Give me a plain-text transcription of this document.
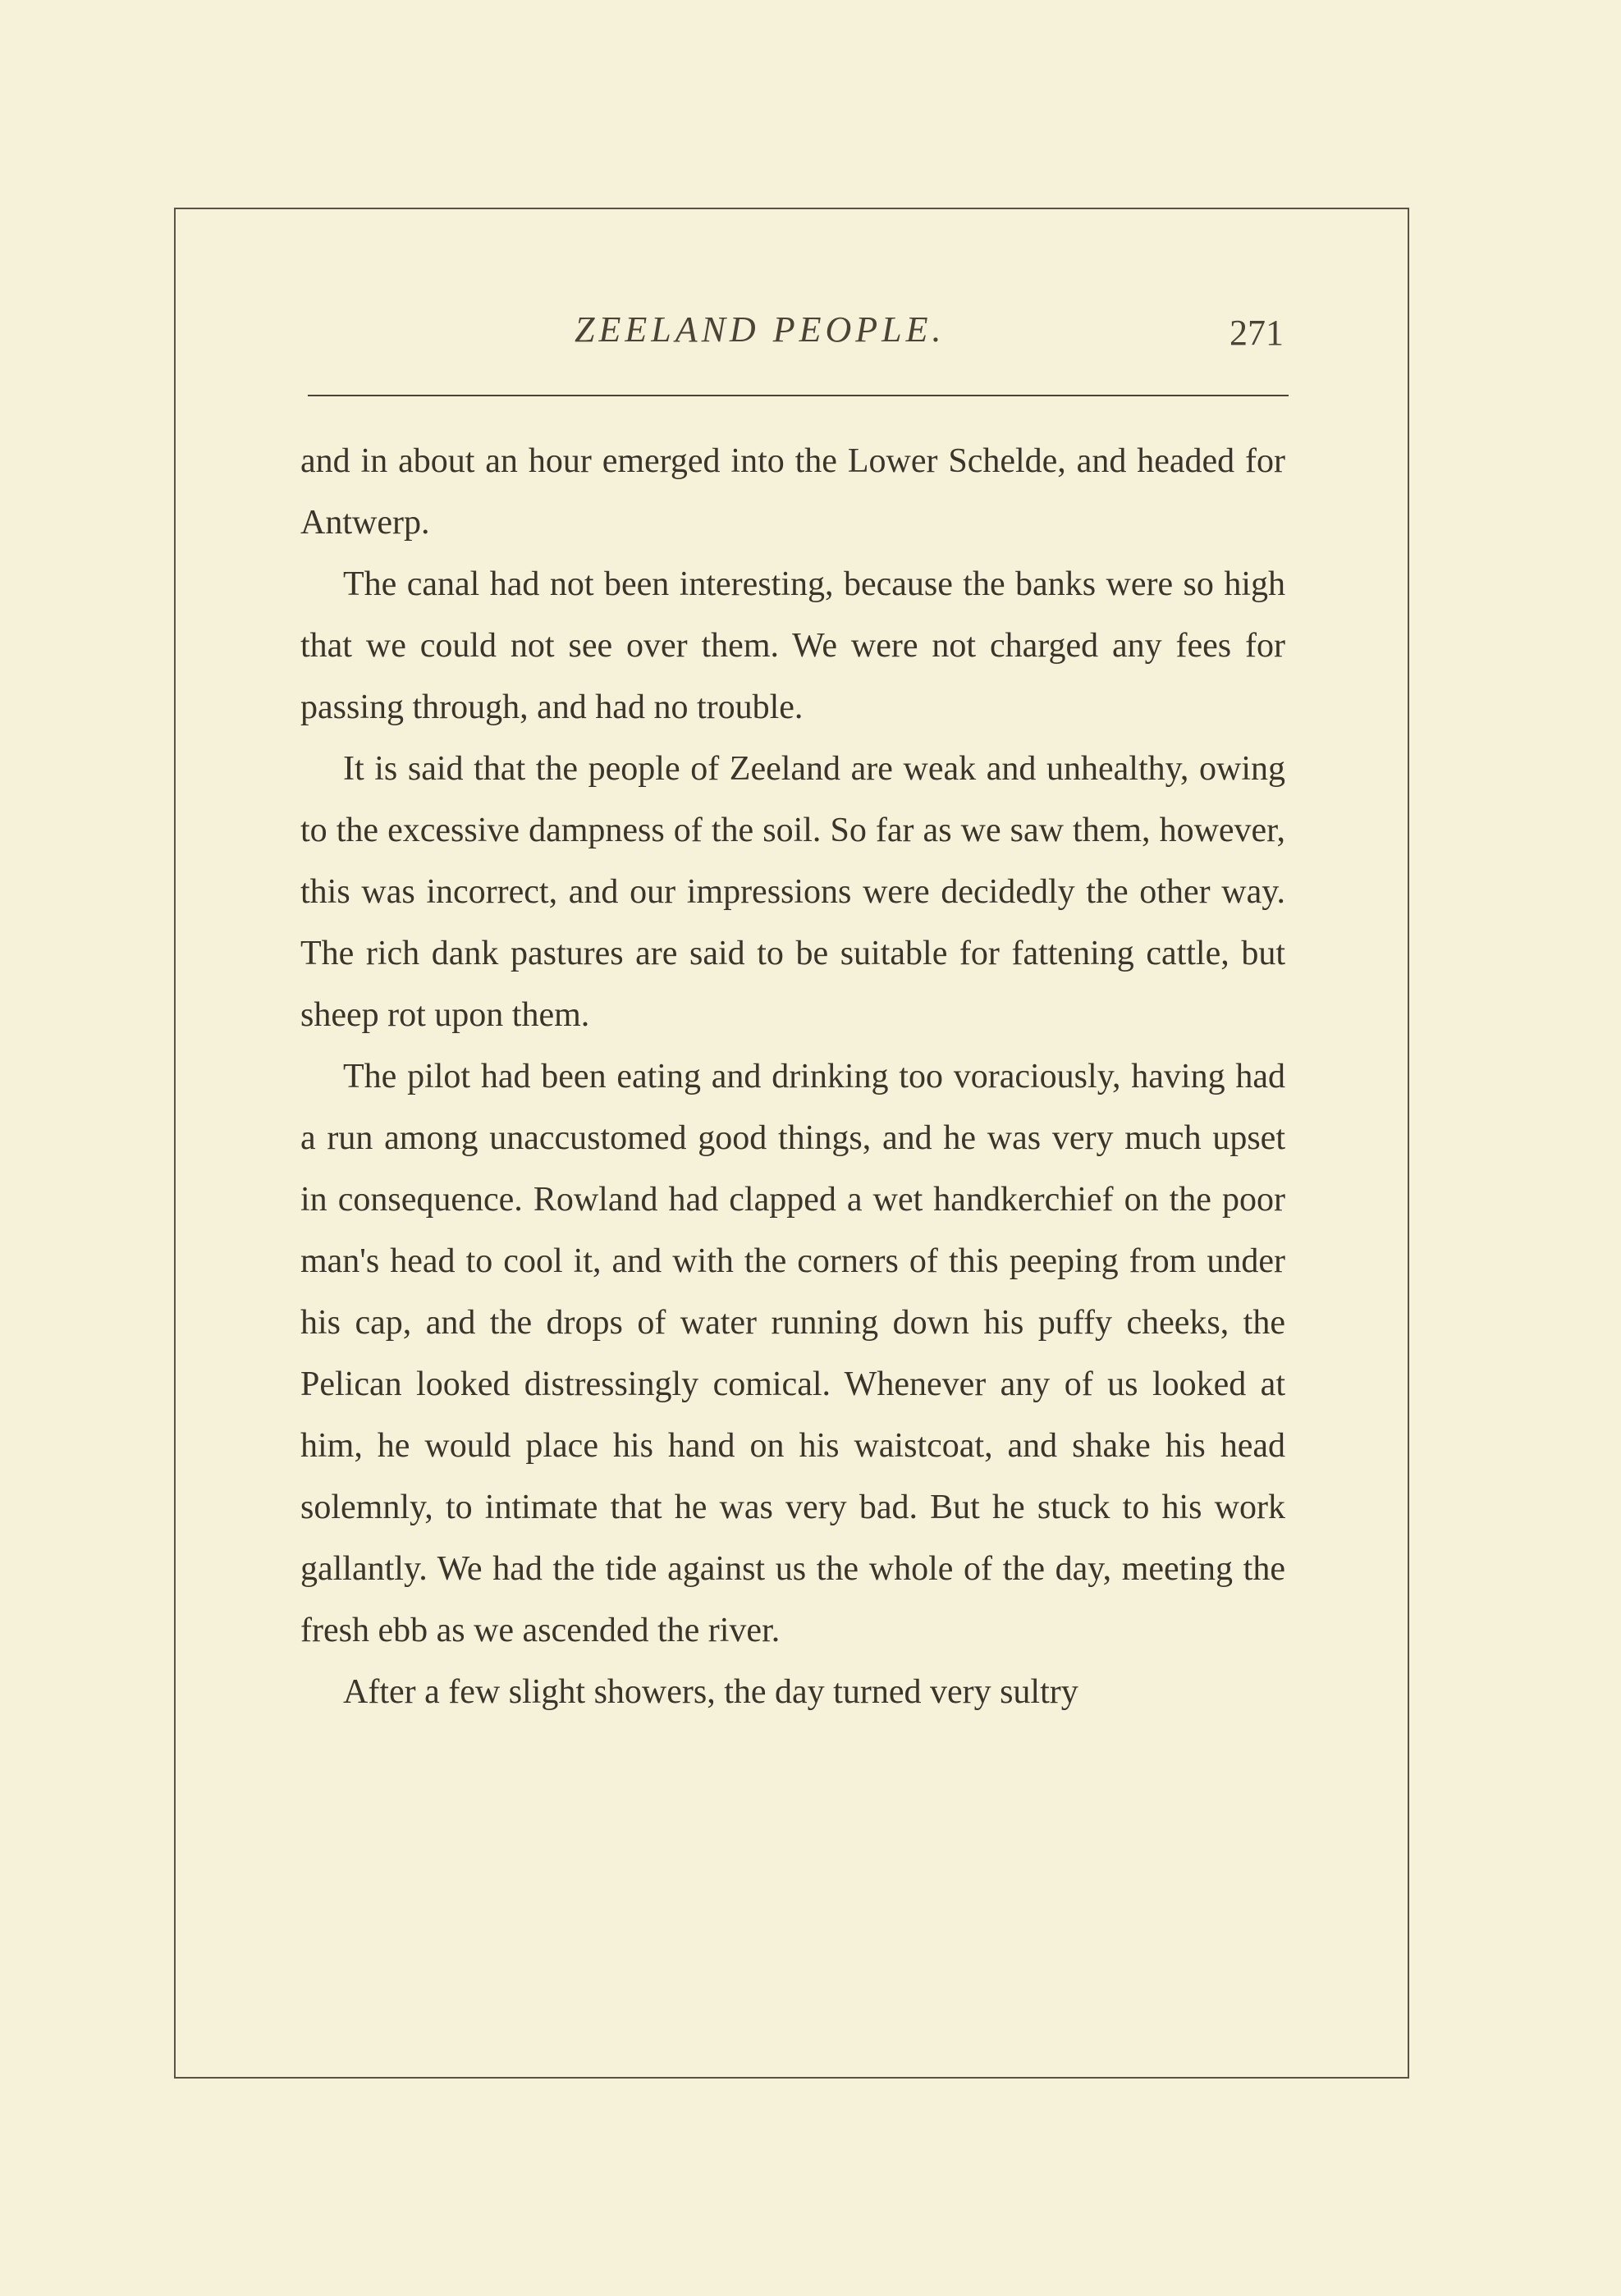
ZEELAND PEOPLE.	271

and in about an hour emerged into the Lower Schelde, and headed for Antwerp.

The canal had not been interesting, because the banks were so high that we could not see over them. We were not charged any fees for passing through, and had no trouble.

It is said that the people of Zeeland are weak and unhealthy, owing to the excessive dampness of the soil. So far as we saw them, however, this was incorrect, and our impressions were decidedly the other way. The rich dank pastures are said to be suitable for fattening cattle, but sheep rot upon them.

The pilot had been eating and drinking too voraciously, having had a run among unaccustomed good things, and he was very much upset in consequence. Rowland had clapped a wet handkerchief on the poor man's head to cool it, and with the corners of this peeping from under his cap, and the drops of water running down his puffy cheeks, the Pelican looked distressingly comical. Whenever any of us looked at him, he would place his hand on his waistcoat, and shake his head solemnly, to intimate that he was very bad. But he stuck to his work gallantly. We had the tide against us the whole of the day, meeting the fresh ebb as we ascended the river.

After a few slight showers, the day turned very sultry
